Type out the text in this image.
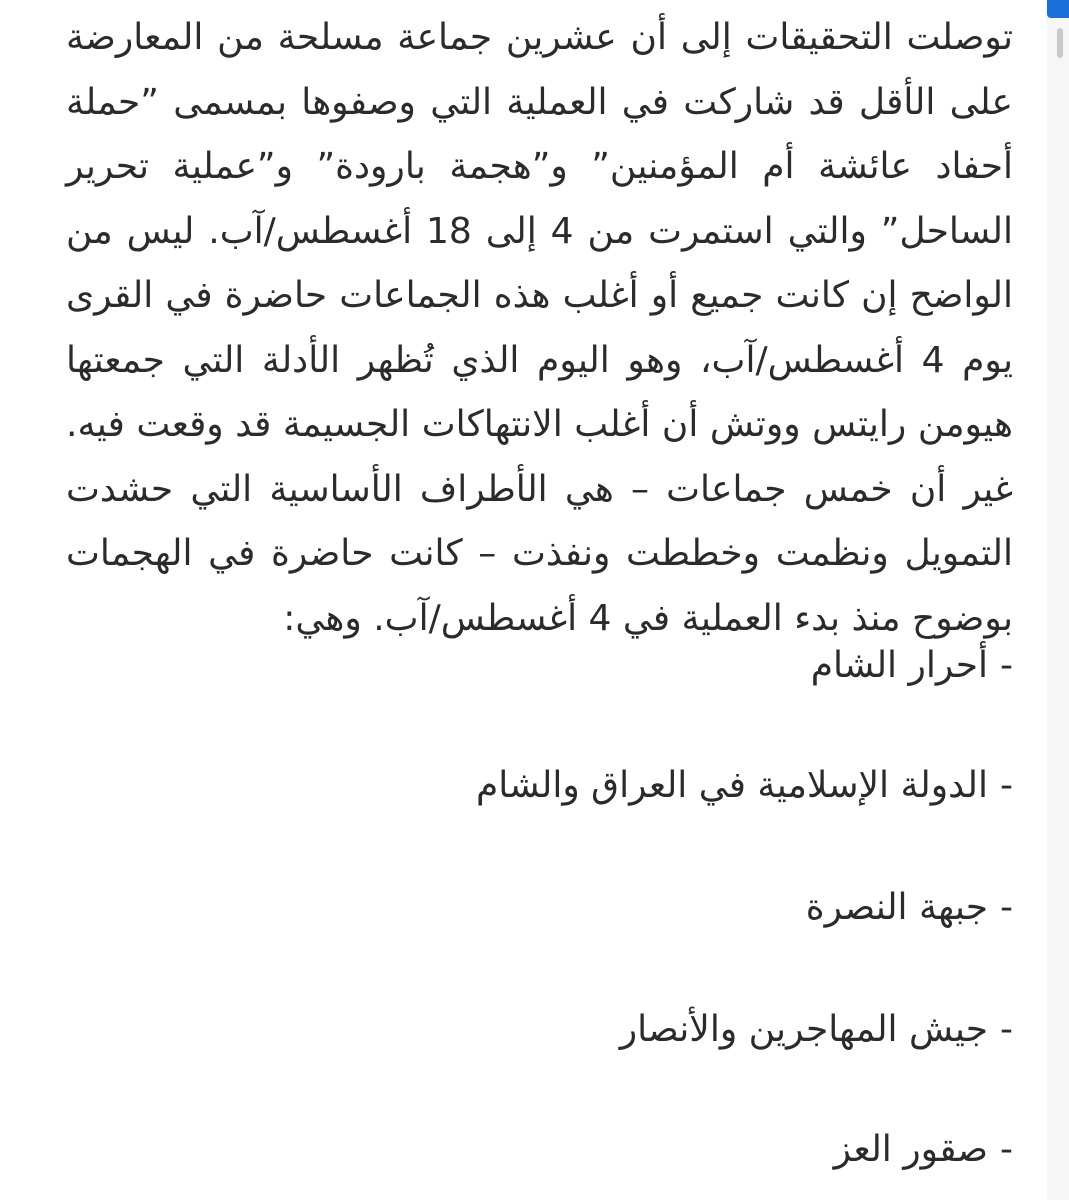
توصلت التحقيقات إلى أن عشرين جماعة مسلحة من المعارضة على الأقل قد شاركت في العملية التي وصفوها بمسمى ”حملة أحفاد عائشة أم المؤمنين” و”هجمة بارودة” و”عملية تحرير الساحل” والتي استمرت من 4 إلى 18 أغسطس/آب. ليس من الواضح إن كانت جميع أو أغلب هذه الجماعات حاضرة في القرى يوم 4 أغسطس/آب، وهو اليوم الذي تُظهر الأدلة التي جمعتها هيومن رايتس ووتش أن أغلب الانتهاكات الجسيمة قد وقعت فيه. غير أن خمس جماعات – هي الأطراف الأساسية التي حشدت التمويل ونظمت وخططت ونفذت – كانت حاضرة في الهجمات بوضوح منذ بدء العملية في 4 أغسطس/آب. وهي:

-أحرار الشام
-الدولة الإسلامية في العراق والشام
-جبهة النصرة
-جيش المهاجرين والأنصار
-صقور العز
